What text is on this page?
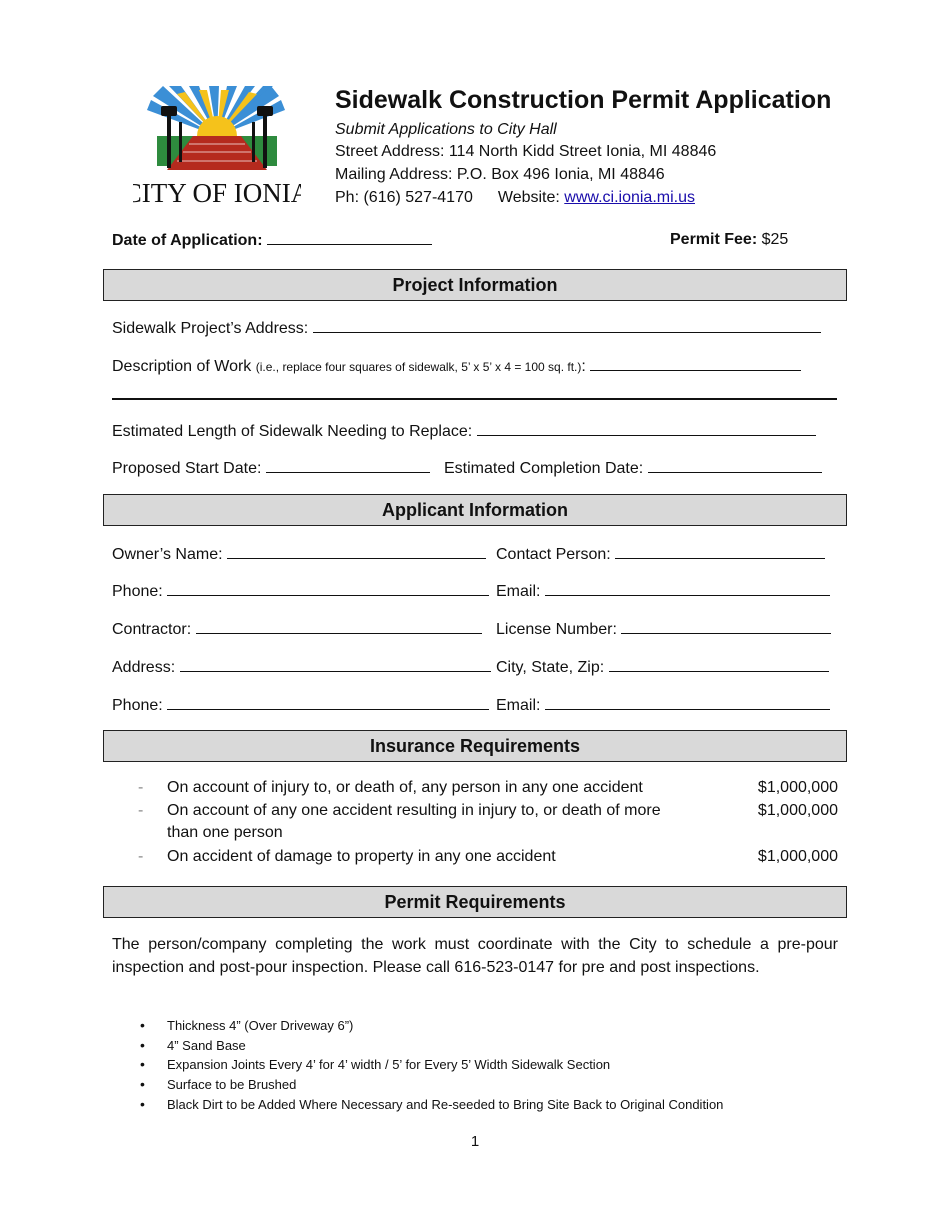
CITY OF IONIA
Sidewalk Construction Permit Application
Submit Applications to City Hall
Street Address: 114 North Kidd Street Ionia, MI 48846
Mailing Address: P.O. Box 496 Ionia, MI 48846
Ph: (616) 527-4170 Website: www.ci.ionia.mi.us
Date of Application:	Permit Fee: $25
Project Information
Sidewalk Project’s Address:
Description of Work (i.e., replace four squares of sidewalk, 5’ x 5’ x 4 = 100 sq. ft.):
Estimated Length of Sidewalk Needing to Replace:
Proposed Start Date:	Estimated Completion Date:
Applicant Information
Owner’s Name:	Contact Person:
Phone:	Email:
Contractor:	License Number:
Address:	City, State, Zip:
Phone:	Email:
Insurance Requirements
- On account of injury to, or death of, any person in any one accident	$1,000,000
- On account of any one accident resulting in injury to, or death of more than one person
$1,000,000
- On accident of damage to property in any one accident	$1,000,000
Permit Requirements
The person/company completing the work must coordinate with the City to schedule a pre-pour inspection and post-pour inspection. Please call 616-523-0147 for pre and post inspections.
• Thickness 4” (Over Driveway 6”)
• 4” Sand Base
• Expansion Joints Every 4’ for 4’ width / 5’ for Every 5’ Width Sidewalk Section
• Surface to be Brushed
• Black Dirt to be Added Where Necessary and Re-seeded to Bring Site Back to Original Condition
1
